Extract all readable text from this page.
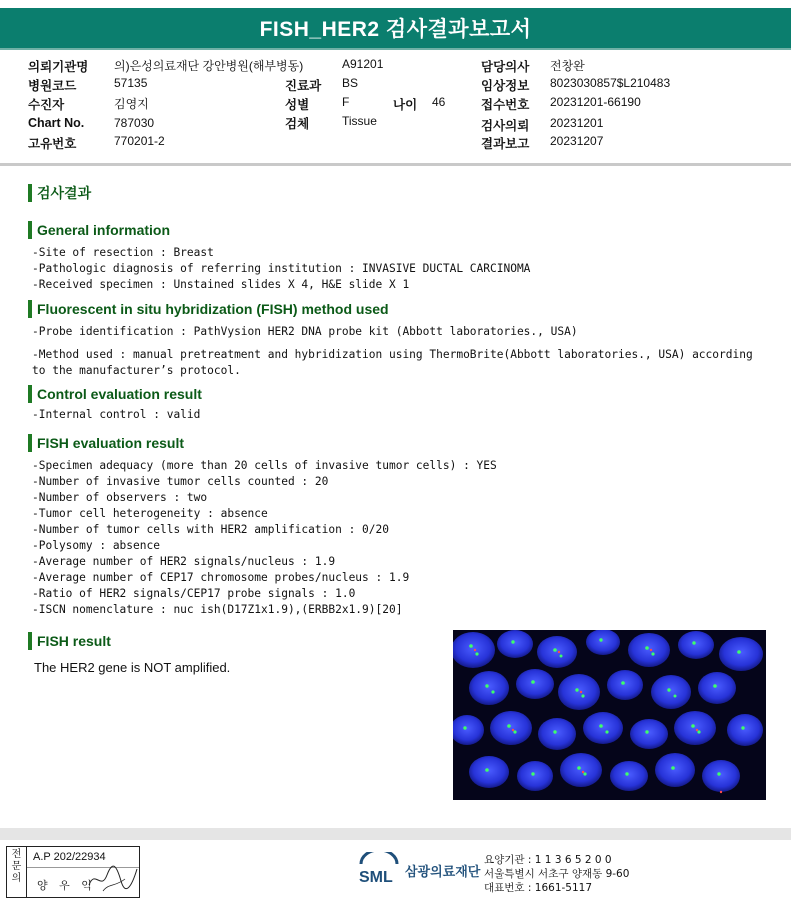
FISH_HER2 검사결과보고서
의뢰기관명 의)은성의료재단 강안병원(해부병동)	A91201	담당의사 전창완
병원코드	57135	진료과 BS	임상정보 8023030857$L210483
수진자	김영지	성별	F	나이 46	접수번호 20231201-66190
Chart No. 787030	검체	Tissue	검사의뢰 20231201
고유번호	770201-2	결과보고 20231207
검사결과
General information
-Site of resection : Breast
-Pathologic diagnosis of referring institution : INVASIVE DUCTAL CARCINOMA
-Received specimen : Unstained slides X 4, H&E slide X 1
Fluorescent in situ hybridization (FISH) method used
-Probe identification : PathVysion HER2 DNA probe kit (Abbott laboratories., USA)
-Method used : manual pretreatment and hybridization using ThermoBrite(Abbott laboratories., USA) according to the manufacturer’s protocol.
Control evaluation result
-Internal control : valid
FISH evaluation result
-Specimen adequacy (more than 20 cells of invasive tumor cells) : YES
-Number of invasive tumor cells counted : 20
-Number of observers : two
-Tumor cell heterogeneity : absence
-Number of tumor cells with HER2 amplification : 0/20
-Polysomy : absence
-Average number of HER2 signals/nucleus : 1.9
-Average number of CEP17 chromosome probes/nucleus : 1.9
-Ratio of HER2 signals/CEP17 probe signals : 1.0
-ISCN nomenclature : nuc ish(D17Z1x1.9),(ERBB2x1.9)[20]
FISH result
The HER2 gene is NOT amplified.
전문의
A.P 202/22934
양 우 익	SML 삼광의료재단
요양기관 : 1 1 3 6 5 2 0 0
서울특별시 서초구 양재동 9-60
대표번호 : 1661-5117
